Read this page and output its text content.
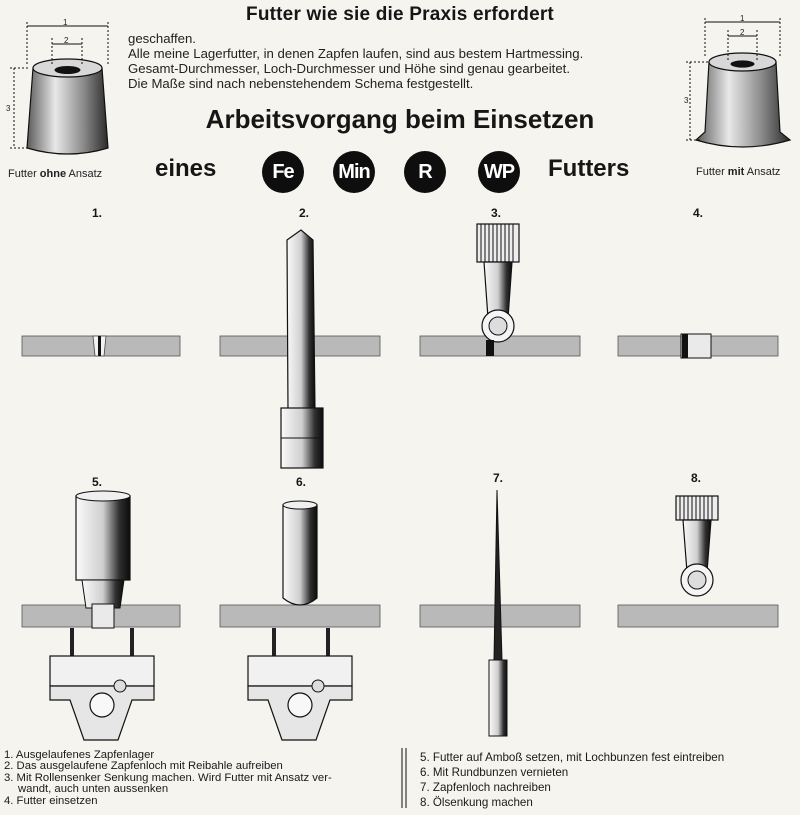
Futter wie sie die Praxis erfordert
geschaffen.
Alle meine Lagerfutter, in denen Zapfen laufen, sind aus bestem Hartmessing.
Gesamt-Durchmesser, Loch-Durchmesser und Höhe sind genau gearbeitet.
Die Maße sind nach nebenstehendem Schema festgestellt.
Arbeitsvorgang beim Einsetzen
eines	Futters
Fe	Min	R	WP
Futter ohne Ansatz	Futter mit Ansatz
1.	2.	3.	4.
5.	6.	7.	8.
1
2
3
1
2
3
1. Ausgelaufenes Zapfenlager
2. Das ausgelaufene Zapfenloch mit Reibahle aufreiben
3. Mit Rollensenker Senkung machen. Wird Futter mit Ansatz ver-
wandt, auch unten aussenken
4. Futter einsetzen
5. Futter auf Amboß setzen, mit Lochbunzen fest eintreiben
6. Mit Rundbunzen vernieten
7. Zapfenloch nachreiben
8. Ölsenkung machen
